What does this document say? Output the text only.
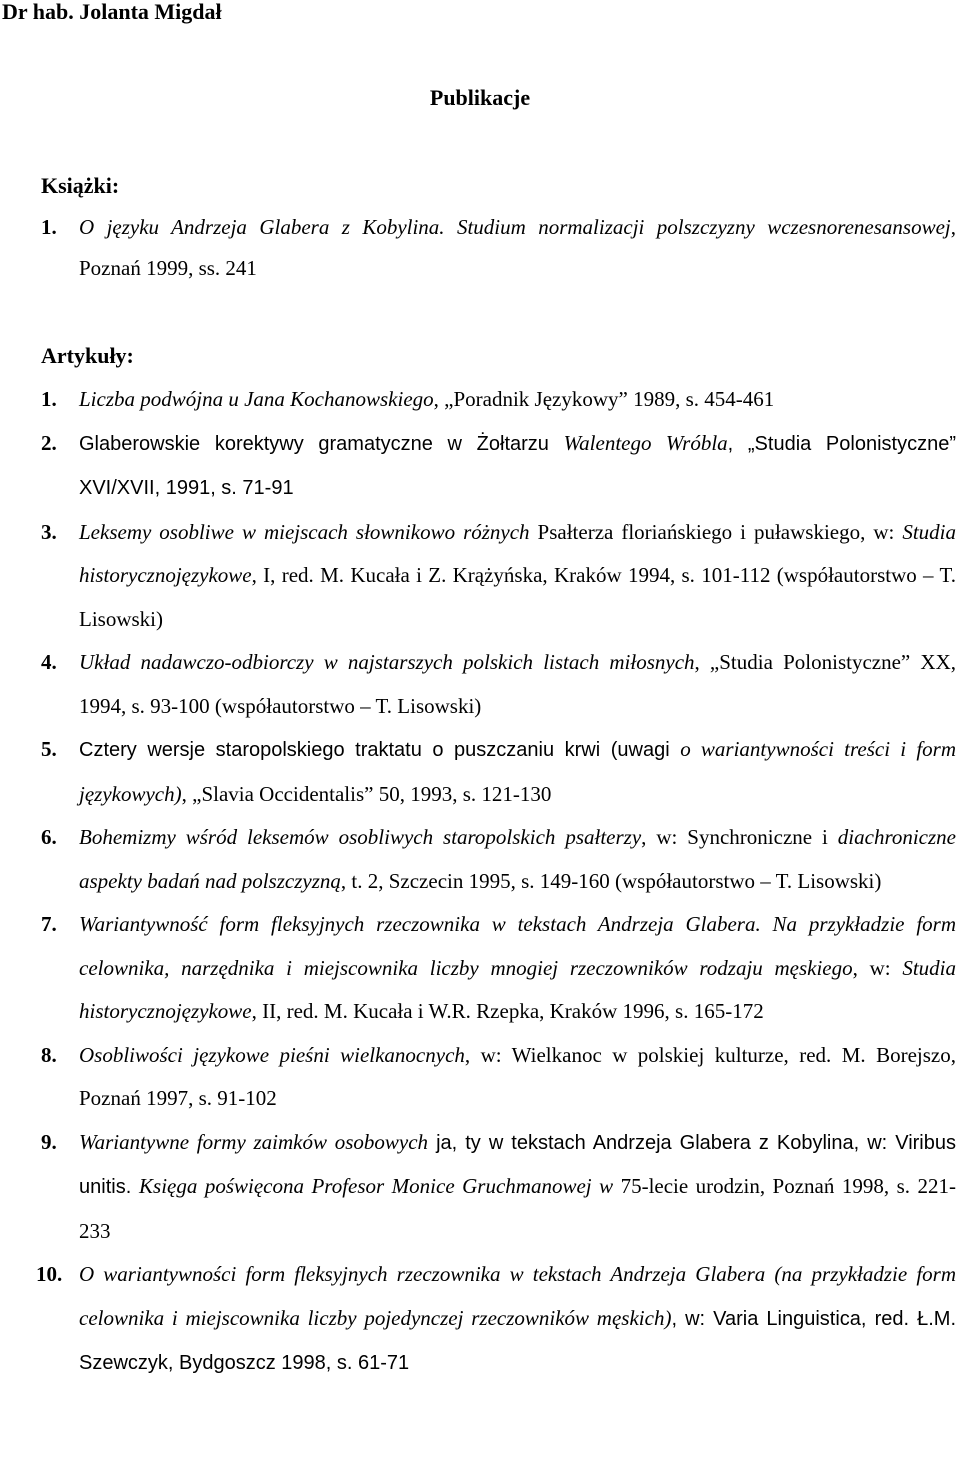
Dr hab. Jolanta Migdał
Publikacje
Książki:
1. O języku Andrzeja Glabera z Kobylina. Studium normalizacji polszczyzny wczesnorenesansowej, Poznań 1999, ss. 241
Artykuły:
1. Liczba podwójna u Jana Kochanowskiego, „Poradnik Językowy” 1989, s. 454-461
2. Glaberowskie korektywy gramatyczne w Żołtarzu Walentego Wróbla, „Studia Polonistyczne” XVI/XVII, 1991, s. 71-91
3. Leksemy osobliwe w miejscach słownikowo różnych Psałterza floriańskiego i puławskiego, w: Studia historycznojęzykowe, I, red. M. Kucała i Z. Krążyńska, Kraków 1994, s. 101-112 (współautorstwo – T. Lisowski)
4. Układ nadawczo-odbiorczy w najstarszych polskich listach miłosnych, „Studia Polonistyczne” XX, 1994, s. 93-100 (współautorstwo – T. Lisowski)
5. Cztery wersje staropolskiego traktatu o puszczaniu krwi (uwagi o wariantywności treści i form językowych), „Slavia Occidentalis” 50, 1993, s. 121-130
6. Bohemizmy wśród leksemów osobliwych staropolskich psałterzy, w: Synchroniczne i diachroniczne aspekty badań nad polszczyzną, t. 2, Szczecin 1995, s. 149-160 (współautorstwo – T. Lisowski)
7. Wariantywność form fleksyjnych rzeczownika w tekstach Andrzeja Glabera. Na przykładzie form celownika, narzędnika i miejscownika liczby mnogiej rzeczowników rodzaju męskiego, w: Studia historycznojęzykowe, II, red. M. Kucała i W.R. Rzepka, Kraków 1996, s. 165-172
8. Osobliwości językowe pieśni wielkanocnych, w: Wielkanoc w polskiej kulturze, red. M. Borejszo, Poznań 1997, s. 91-102
9. Wariantywne formy zaimków osobowych ja, ty w tekstach Andrzeja Glabera z Kobylina, w: Viribus unitis. Księga poświęcona Profesor Monice Gruchmanowej w 75-lecie urodzin, Poznań 1998, s. 221-233
10. O wariantywności form fleksyjnych rzeczownika w tekstach Andrzeja Glabera (na przykładzie form celownika i miejscownika liczby pojedynczej rzeczowników męskich), w: Varia Linguistica, red. Ł.M. Szewczyk, Bydgoszcz 1998, s. 61-71
